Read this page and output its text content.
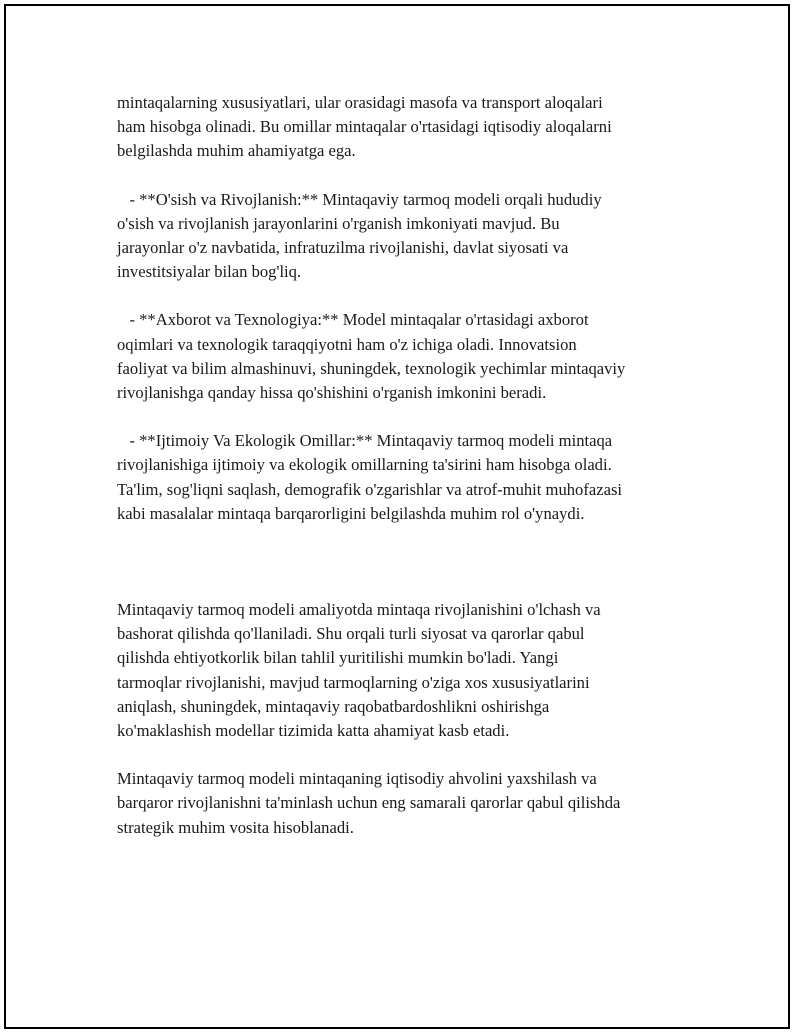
mintaqalarning xususiyatlari, ular orasidagi masofa va transport aloqalari
ham hisobga olinadi. Bu omillar mintaqalar o'rtasidagi iqtisodiy aloqalarni
belgilashda muhim ahamiyatga ega.

- **O'sish va Rivojlanish:** Mintaqaviy tarmoq modeli orqali hududiy
o'sish va rivojlanish jarayonlarini o'rganish imkoniyati mavjud. Bu
jarayonlar o'z navbatida, infratuzilma rivojlanishi, davlat siyosati va
investitsiyalar bilan bog'liq.

- **Axborot va Texnologiya:** Model mintaqalar o'rtasidagi axborot
oqimlari va texnologik taraqqiyotni ham o'z ichiga oladi. Innovatsion
faoliyat va bilim almashinuvi, shuningdek, texnologik yechimlar mintaqaviy
rivojlanishga qanday hissa qo'shishini o'rganish imkonini beradi.

- **Ijtimoiy Va Ekologik Omillar:** Mintaqaviy tarmoq modeli mintaqa
rivojlanishiga ijtimoiy va ekologik omillarning ta'sirini ham hisobga oladi.
Ta'lim, sog'liqni saqlash, demografik o'zgarishlar va atrof-muhit muhofazasi
kabi masalalar mintaqa barqarorligini belgilashda muhim rol o'ynaydi.

Mintaqaviy tarmoq modeli amaliyotda mintaqa rivojlanishini o'lchash va
bashorat qilishda qo'llaniladi. Shu orqali turli siyosat va qarorlar qabul
qilishda ehtiyotkorlik bilan tahlil yuritilishi mumkin bo'ladi. Yangi
tarmoqlar rivojlanishi, mavjud tarmoqlarning o'ziga xos xususiyatlarini
aniqlash, shuningdek, mintaqaviy raqobatbardoshlikni oshirishga
ko'maklashish modellar tizimida katta ahamiyat kasb etadi.

Mintaqaviy tarmoq modeli mintaqaning iqtisodiy ahvolini yaxshilash va
barqaror rivojlanishni ta'minlash uchun eng samarali qarorlar qabul qilishda
strategik muhim vosita hisoblanadi.
